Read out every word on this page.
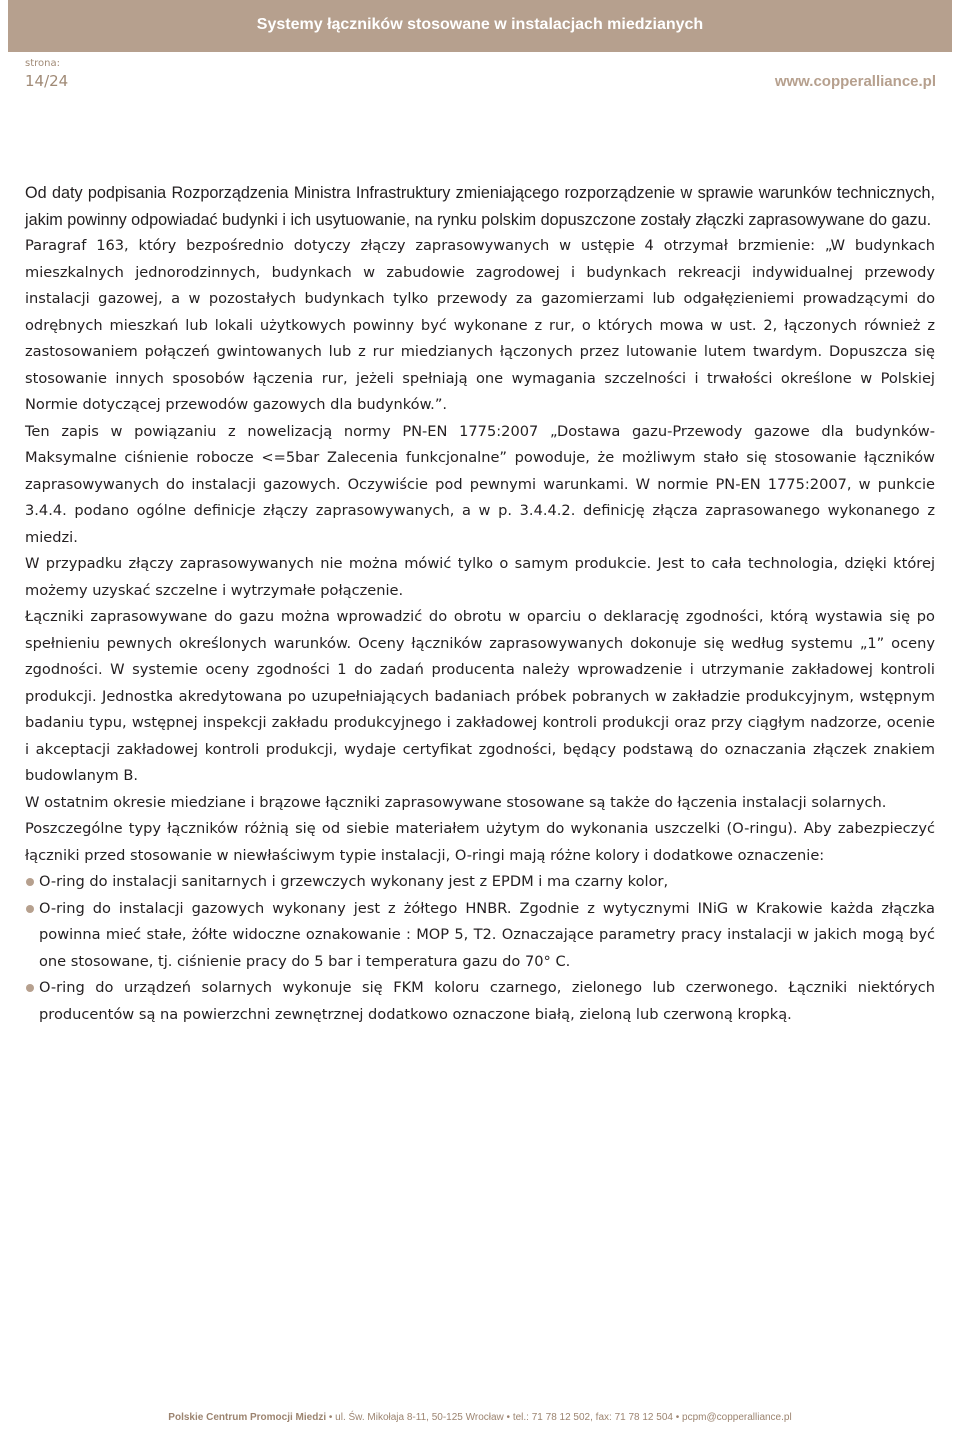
Systemy łączników stosowane w instalacjach miedzianych
strona:
14/24	www.copperalliance.pl

Od daty podpisania Rozporządzenia Ministra Infrastruktury zmieniającego rozporządzenie w sprawie warunków technicznych, jakim powinny odpowiadać budynki i ich usytuowanie, na rynku polskim dopuszczone zostały złączki zaprasowywane do gazu.

Paragraf 163, który bezpośrednio dotyczy złączy zaprasowywanych w ustępie 4 otrzymał brzmienie: „W budynkach mieszkalnych jednorodzinnych, budynkach w zabudowie zagrodowej i budynkach rekreacji indywidualnej przewody instalacji gazowej, a w pozostałych budynkach tylko przewody za gazomierzami lub odgałęzieniemi prowadzącymi do odrębnych mieszkań lub lokali użytkowych powinny być wykonane z rur, o których mowa w ust. 2, łączonych również z zastosowaniem połączeń gwintowanych lub z rur miedzianych łączonych przez lutowanie lutem twardym. Dopuszcza się stosowanie innych sposobów łączenia rur, jeżeli spełniają one wymagania szczelności i trwałości określone w Polskiej Normie dotyczącej przewodów gazowych dla budynków.”.

Ten zapis w powiązaniu z nowelizacją normy PN-EN 1775:2007 „Dostawa gazu-Przewody gazowe dla budynków-Maksymalne ciśnienie robocze <=5bar Zalecenia funkcjonalne” powoduje, że możliwym stało się stosowanie łączników zaprasowywanych do instalacji gazowych. Oczywiście pod pewnymi warunkami. W normie PN-EN 1775:2007, w punkcie 3.4.4. podano ogólne definicje złączy zaprasowywanych, a w p. 3.4.4.2. definicję złącza zaprasowanego wykonanego z miedzi.

W przypadku złączy zaprasowywanych nie można mówić tylko o samym produkcie. Jest to cała technologia, dzięki której możemy uzyskać szczelne i wytrzymałe połączenie.

Łączniki zaprasowywane do gazu można wprowadzić do obrotu w oparciu o deklarację zgodności, którą wystawia się po spełnieniu pewnych określonych warunków. Oceny łączników zaprasowywanych dokonuje się według systemu „1” oceny zgodności. W systemie oceny zgodności 1 do zadań producenta należy wprowadzenie i utrzymanie zakładowej kontroli produkcji. Jednostka akredytowana po uzupełniających badaniach próbek pobranych w zakładzie produkcyjnym, wstępnym badaniu typu, wstępnej inspekcji zakładu produkcyjnego i zakładowej kontroli produkcji oraz przy ciągłym nadzorze, ocenie i akceptacji zakładowej kontroli produkcji, wydaje certyfikat zgodności, będący podstawą do oznaczania złączek znakiem budowlanym B.

W ostatnim okresie miedziane i brązowe łączniki zaprasowywane stosowane są także do łączenia instalacji solarnych.

Poszczególne typy łączników różnią się od siebie materiałem użytym do wykonania uszczelki (O-ringu). Aby zabezpieczyć łączniki przed stosowanie w niewłaściwym typie instalacji, O-ringi mają różne kolory i dodatkowe oznaczenie:

O-ring do instalacji sanitarnych i grzewczych wykonany jest z EPDM i ma czarny kolor,
O-ring do instalacji gazowych wykonany jest z żółtego HNBR. Zgodnie z wytycznymi INiG w Krakowie każda złączka powinna mieć stałe, żółte widoczne oznakowanie : MOP 5, T2. Oznaczające parametry pracy instalacji w jakich mogą być one stosowane, tj. ciśnienie pracy do 5 bar i temperatura gazu do 70° C.
O-ring do urządzeń solarnych wykonuje się FKM koloru czarnego, zielonego lub czerwonego. Łączniki niektórych producentów są na powierzchni zewnętrznej dodatkowo oznaczone białą, zieloną lub czerwoną kropką.
Polskie Centrum Promocji Miedzi • ul. Św. Mikołaja 8-11, 50-125 Wrocław • tel.: 71 78 12 502, fax: 71 78 12 504 • pcpm@copperalliance.pl
